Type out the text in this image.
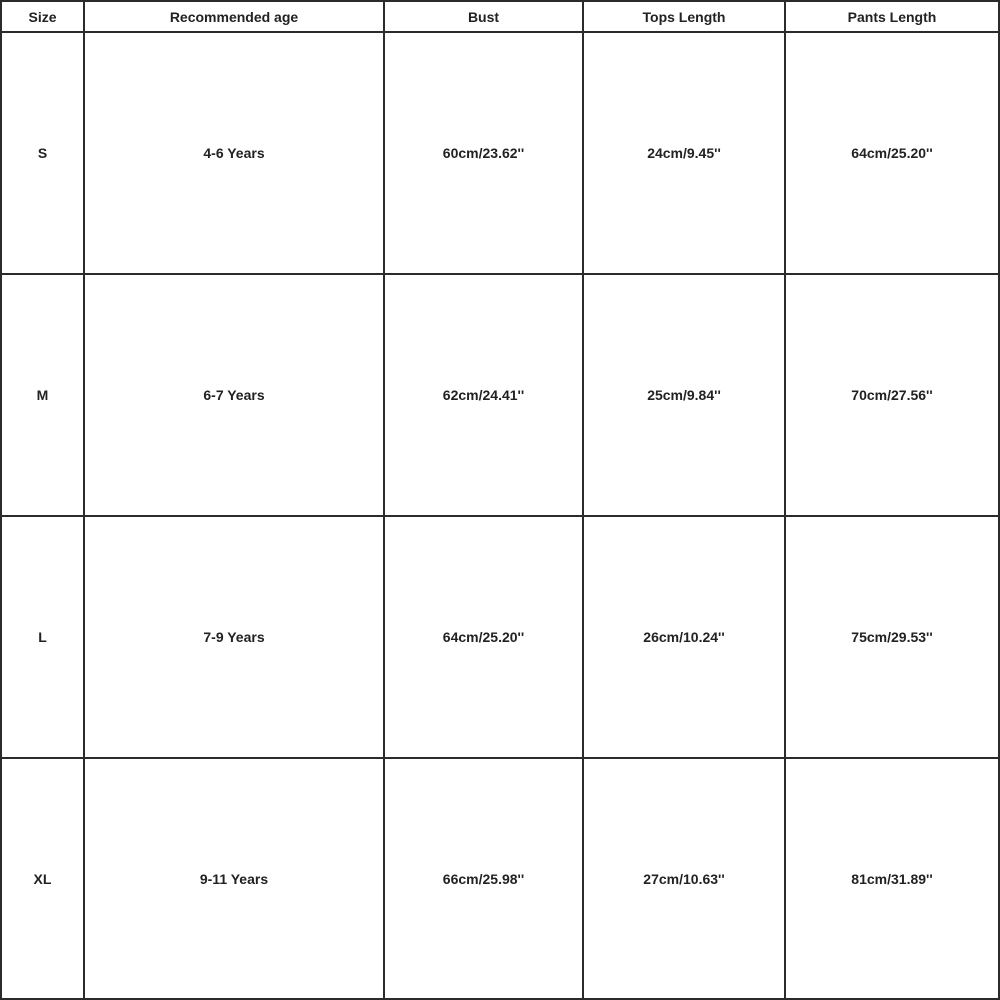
Size	Recommended age	Bust	Tops Length	Pants Length
S	4-6 Years	60cm/23.62''	24cm/9.45''	64cm/25.20''
M	6-7 Years	62cm/24.41''	25cm/9.84''	70cm/27.56''
L	7-9 Years	64cm/25.20''	26cm/10.24''	75cm/29.53''
XL	9-11 Years	66cm/25.98''	27cm/10.63''	81cm/31.89''
